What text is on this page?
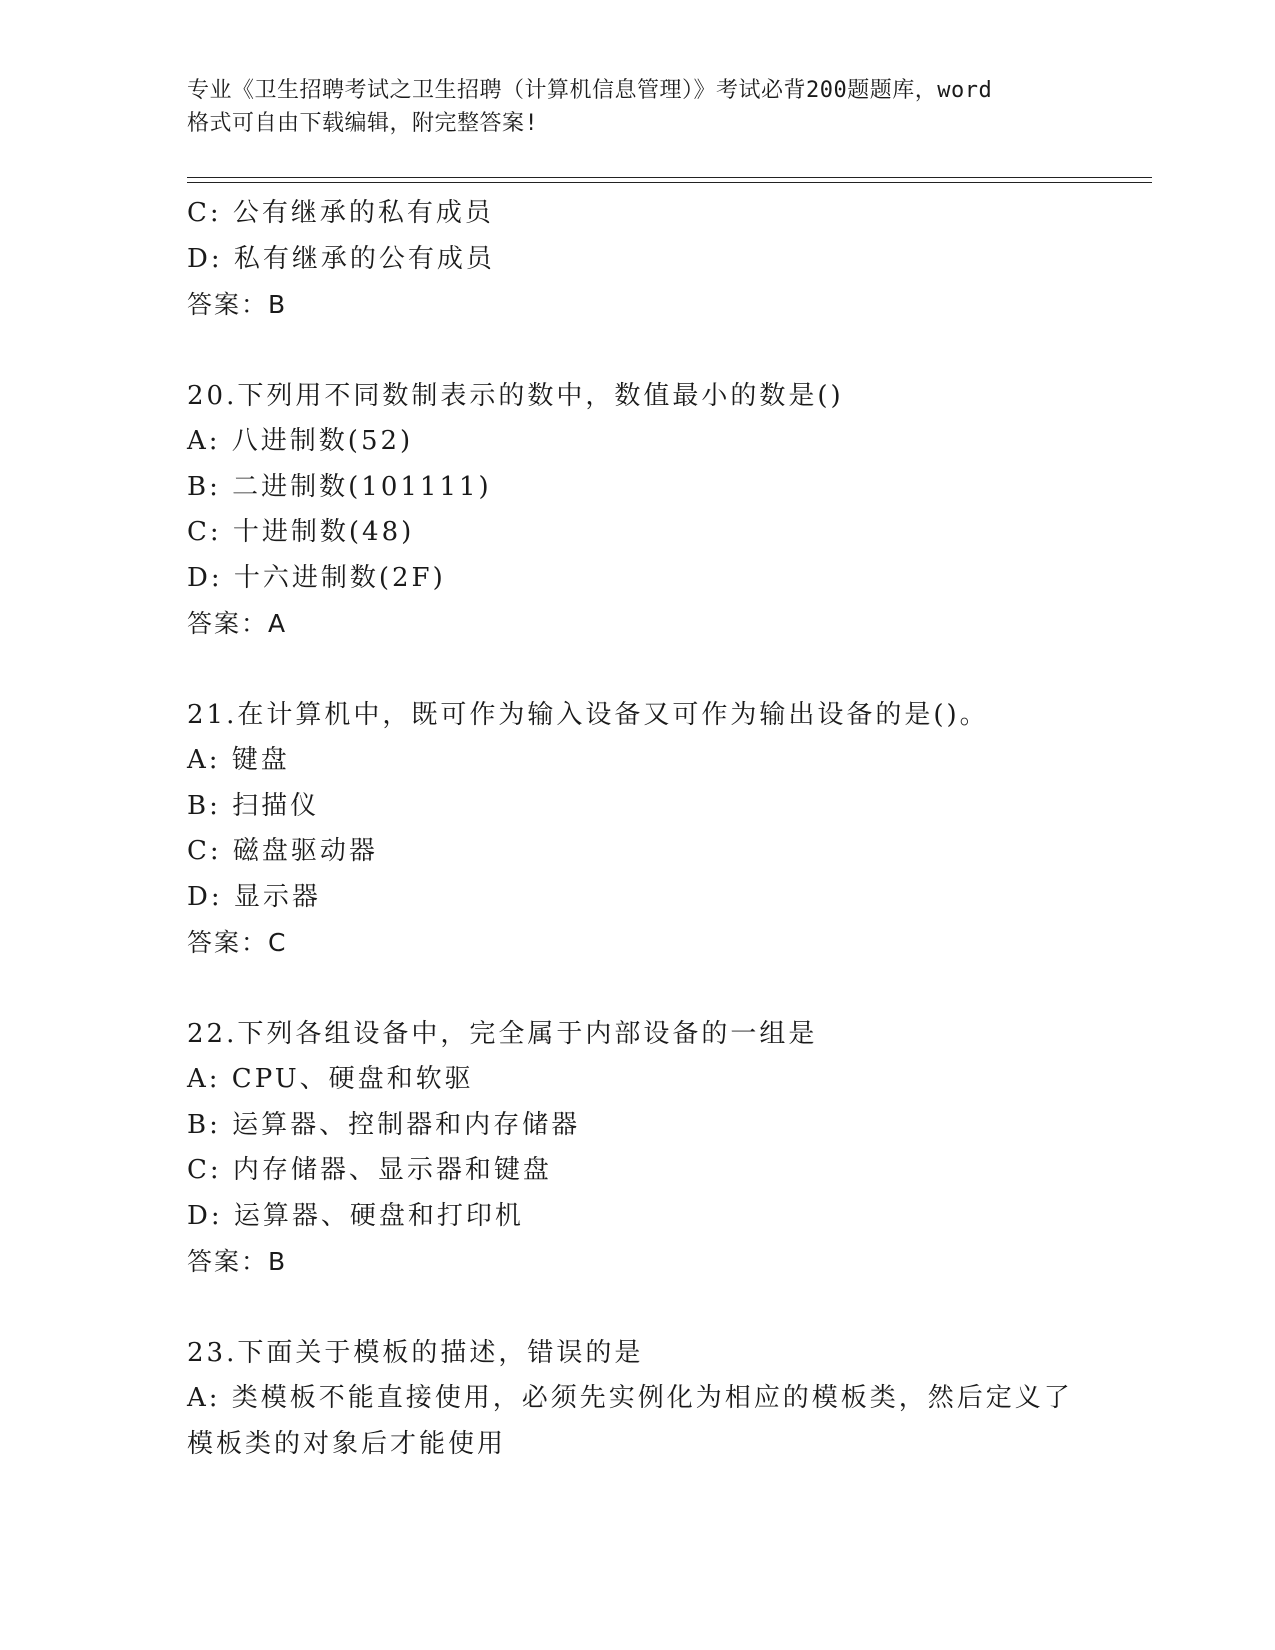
专业《卫生招聘考试之卫生招聘（计算机信息管理）》考试必背200题题库，word
格式可自由下载编辑，附完整答案!
C: 公有继承的私有成员
D: 私有继承的公有成员
答案：B
20.下列用不同数制表示的数中，数值最小的数是()
A: 八进制数(52)
B: 二进制数(101111)
C: 十进制数(48)
D: 十六进制数(2F)
答案：A
21.在计算机中，既可作为输入设备又可作为输出设备的是()。
A: 键盘
B: 扫描仪
C: 磁盘驱动器
D: 显示器
答案：C
22.下列各组设备中，完全属于内部设备的一组是
A: CPU、硬盘和软驱
B: 运算器、控制器和内存储器
C: 内存储器、显示器和键盘
D: 运算器、硬盘和打印机
答案：B
23.下面关于模板的描述，错误的是
A: 类模板不能直接使用，必须先实例化为相应的模板类，然后定义了模板类的对象后才能使用
